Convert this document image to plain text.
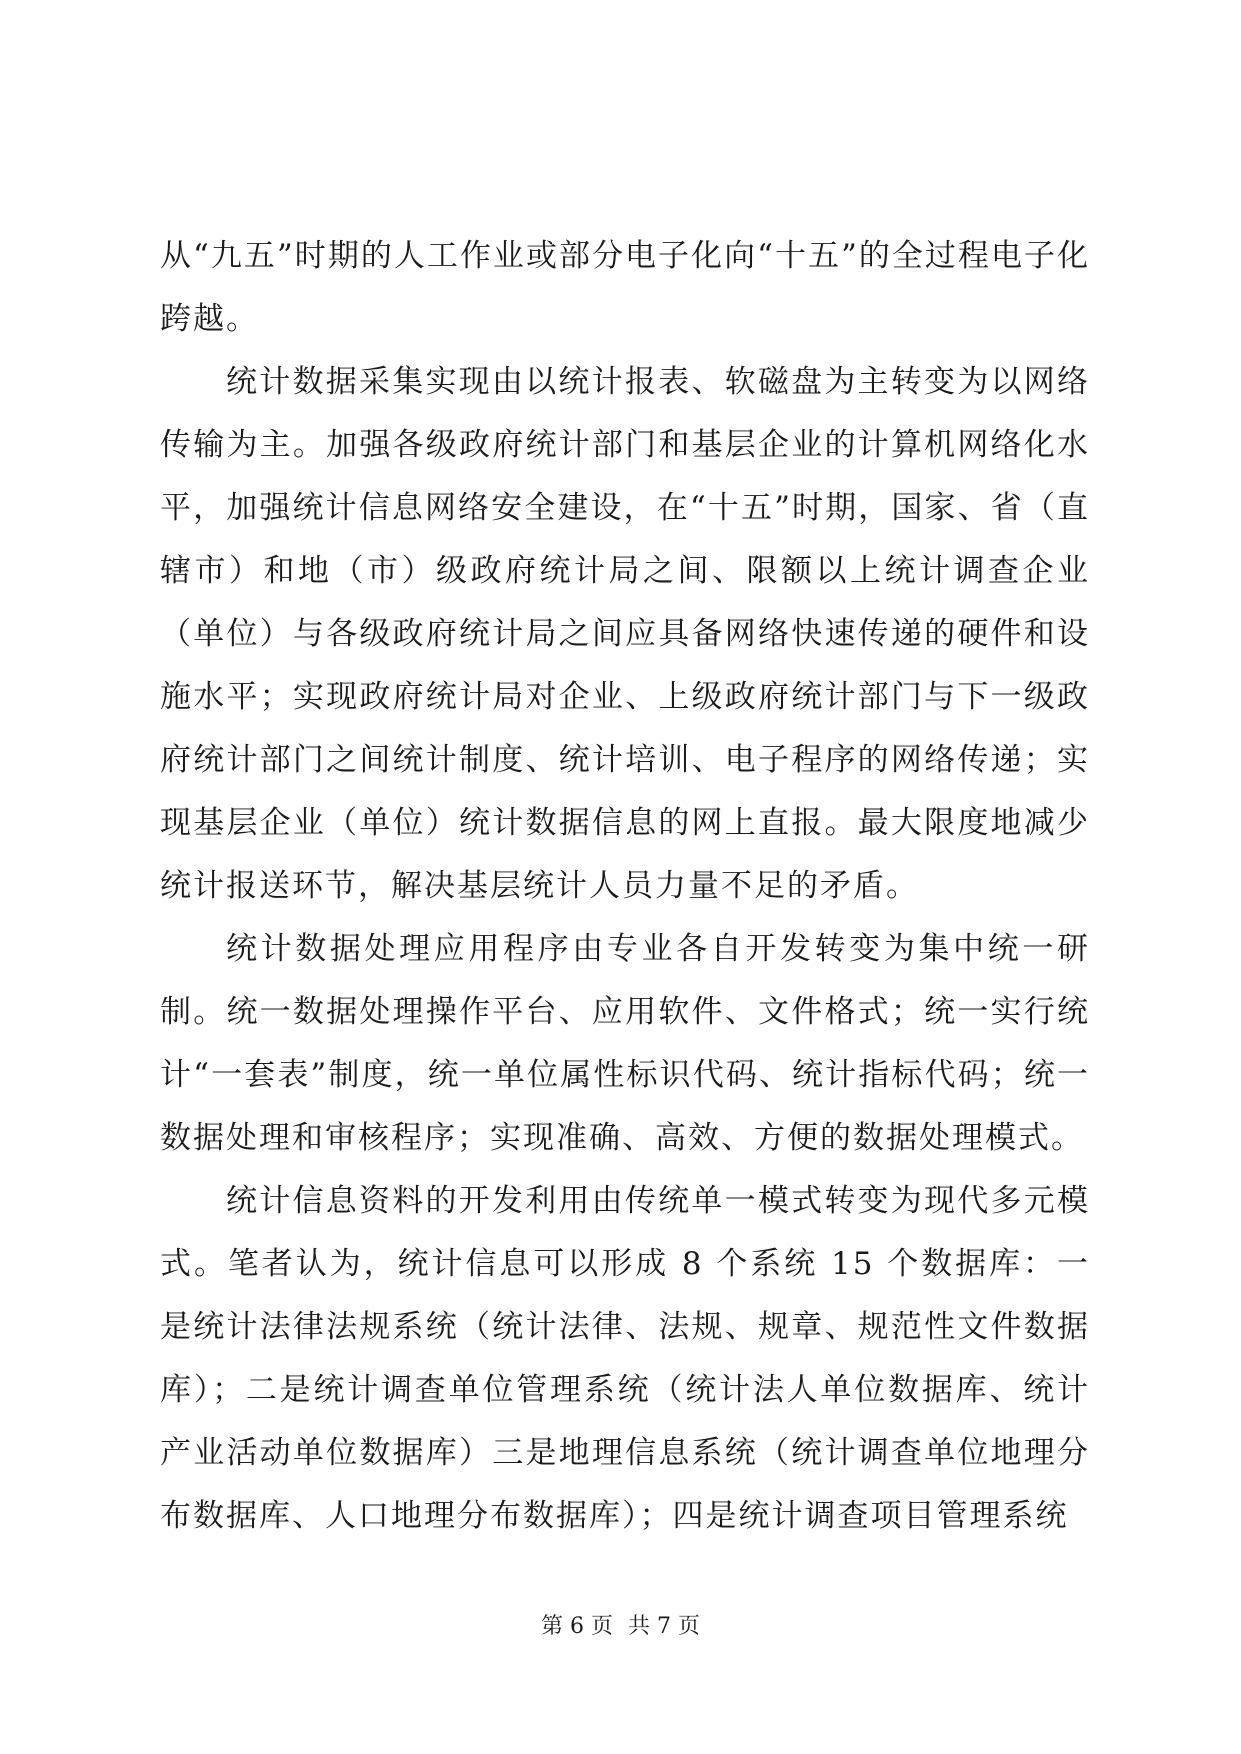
从“九五”时期的人工作业或部分电子化向“十五”的全过程电子化跨越。

统计数据采集实现由以统计报表、软磁盘为主转变为以网络传输为主。加强各级政府统计部门和基层企业的计算机网络化水平，加强统计信息网络安全建设，在“十五”时期，国家、省（直辖市）和地（市）级政府统计局之间、限额以上统计调查企业（单位）与各级政府统计局之间应具备网络快速传递的硬件和设施水平；实现政府统计局对企业、上级政府统计部门与下一级政府统计部门之间统计制度、统计培训、电子程序的网络传递；实现基层企业（单位）统计数据信息的网上直报。最大限度地减少统计报送环节，解决基层统计人员力量不足的矛盾。

统计数据处理应用程序由专业各自开发转变为集中统一研制。统一数据处理操作平台、应用软件、文件格式；统一实行统计“一套表”制度，统一单位属性标识代码、统计指标代码；统一数据处理和审核程序；实现准确、高效、方便的数据处理模式。

统计信息资料的开发利用由传统单一模式转变为现代多元模式。笔者认为，统计信息可以形成 8 个系统 15 个数据库：一是统计法律法规系统（统计法律、法规、规章、规范性文件数据库）；二是统计调查单位管理系统（统计法人单位数据库、统计产业活动单位数据库）三是地理信息系统（统计调查单位地理分布数据库、人口地理分布数据库）；四是统计调查项目管理系统

第 6 页 共 7 页
